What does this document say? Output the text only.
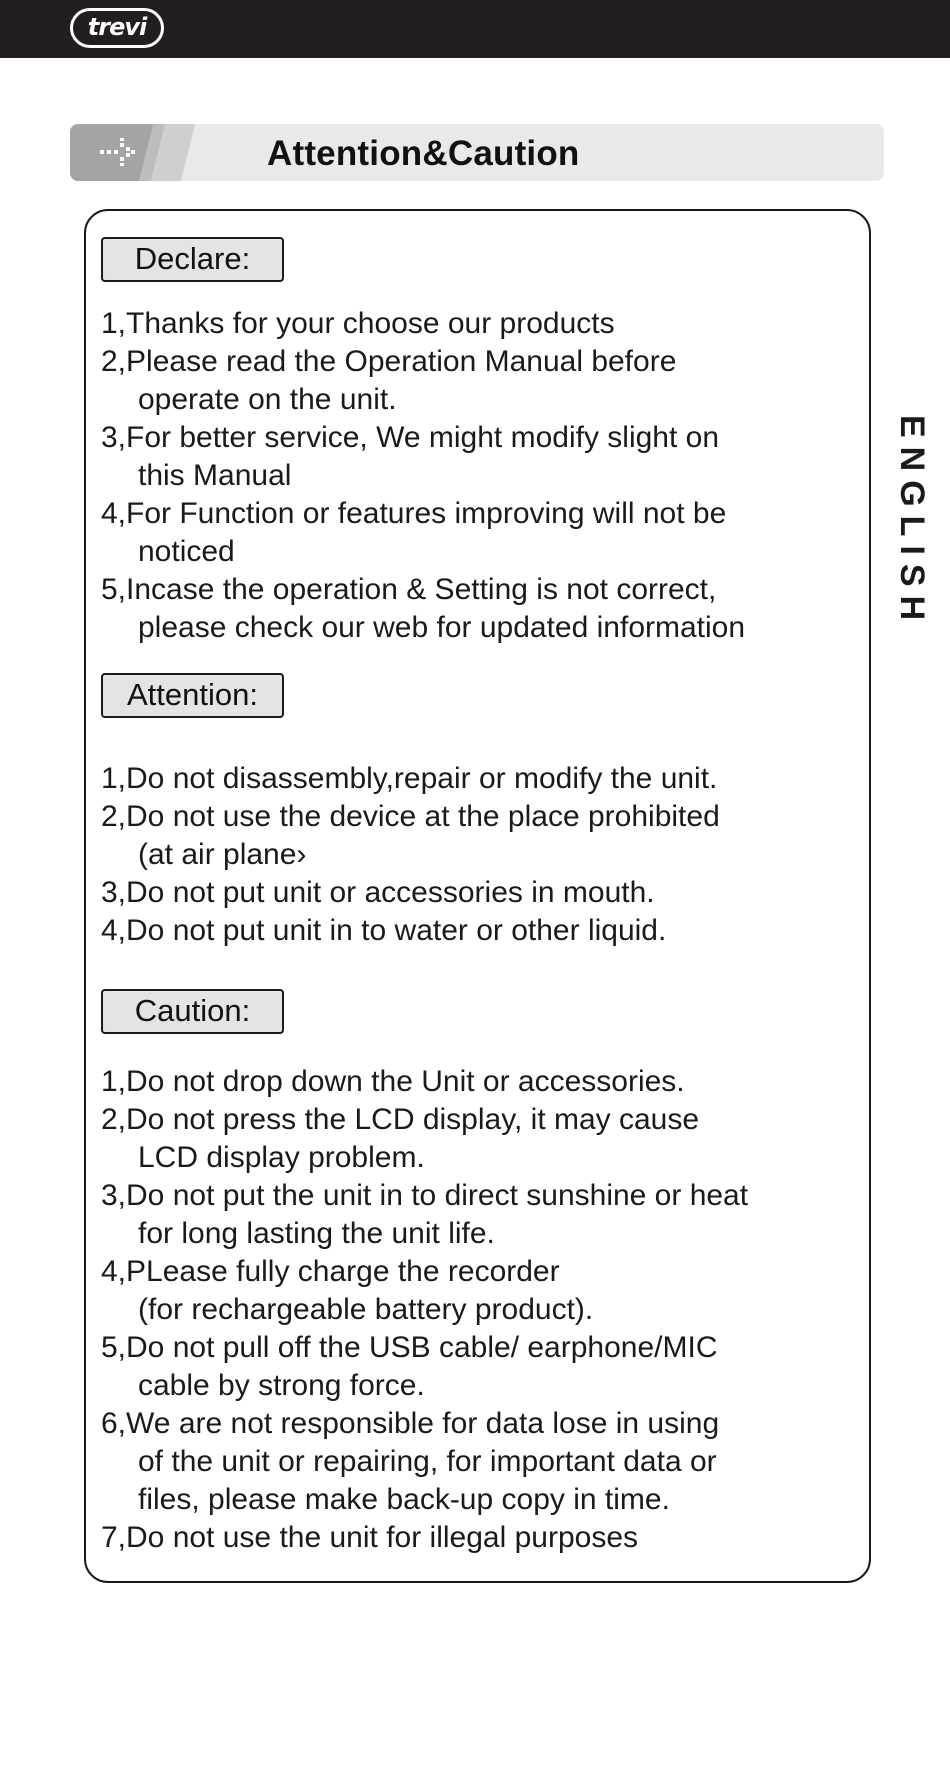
trevi
Attention&Caution
ENGLISH
Declare:
1,Thanks for your choose our products
2,Please read the Operation Manual before
operate on the unit.
3,For better service, We might modify slight on
this Manual
4,For Function or features improving will not be
noticed
5,Incase the operation & Setting is not correct,
please check our web for updated information
Attention:
1,Do not disassembly,repair or modify the unit.
2,Do not use the device at the place prohibited
(at air plane›
3,Do not put unit or accessories in mouth.
4,Do not put unit in to water or other liquid.
Caution:
1,Do not drop down the Unit or accessories.
2,Do not press the LCD display, it may cause
LCD display problem.
3,Do not put the unit in to direct sunshine or heat
for long lasting the unit life.
4,PLease fully charge the recorder
(for rechargeable battery product).
5,Do not pull off the USB cable/ earphone/MIC
cable by strong force.
6,We are not responsible for data lose in using
of the unit or repairing, for important data or
files, please make back-up copy in time.
7,Do not use the unit for illegal purposes
